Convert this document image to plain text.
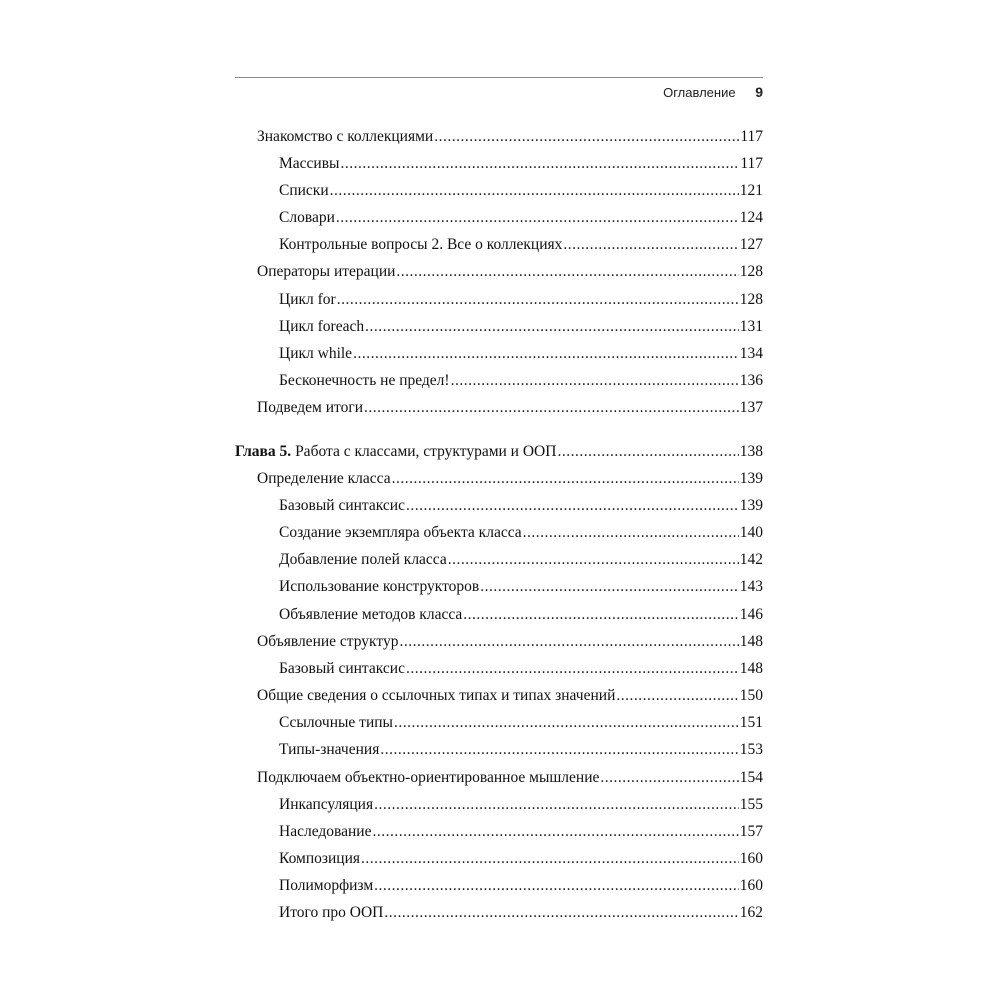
Оглавление 9
Знакомство с коллекциями .....	117
Массивы .....	117
Списки .....	121
Словари .....	124
Контрольные вопросы 2. Все о коллекциях .....	127
Операторы итерации .....	128
Цикл for .....	128
Цикл foreach .....	131
Цикл while .....	134
Бесконечность не предел! .....	136
Подведем итоги .....	137
Глава 5. Работа с классами, структурами и ООП .....	138
Определение класса .....	139
Базовый синтаксис .....	139
Создание экземпляра объекта класса .....	140
Добавление полей класса .....	142
Использование конструкторов .....	143
Объявление методов класса .....	146
Объявление структур .....	148
Базовый синтаксис .....	148
Общие сведения о ссылочных типах и типах значений .....	150
Ссылочные типы .....	151
Типы-значения .....	153
Подключаем объектно-ориентированное мышление .....	154
Инкапсуляция .....	155
Наследование .....	157
Композиция .....	160
Полиморфизм .....	160
Итого про ООП .....	162
